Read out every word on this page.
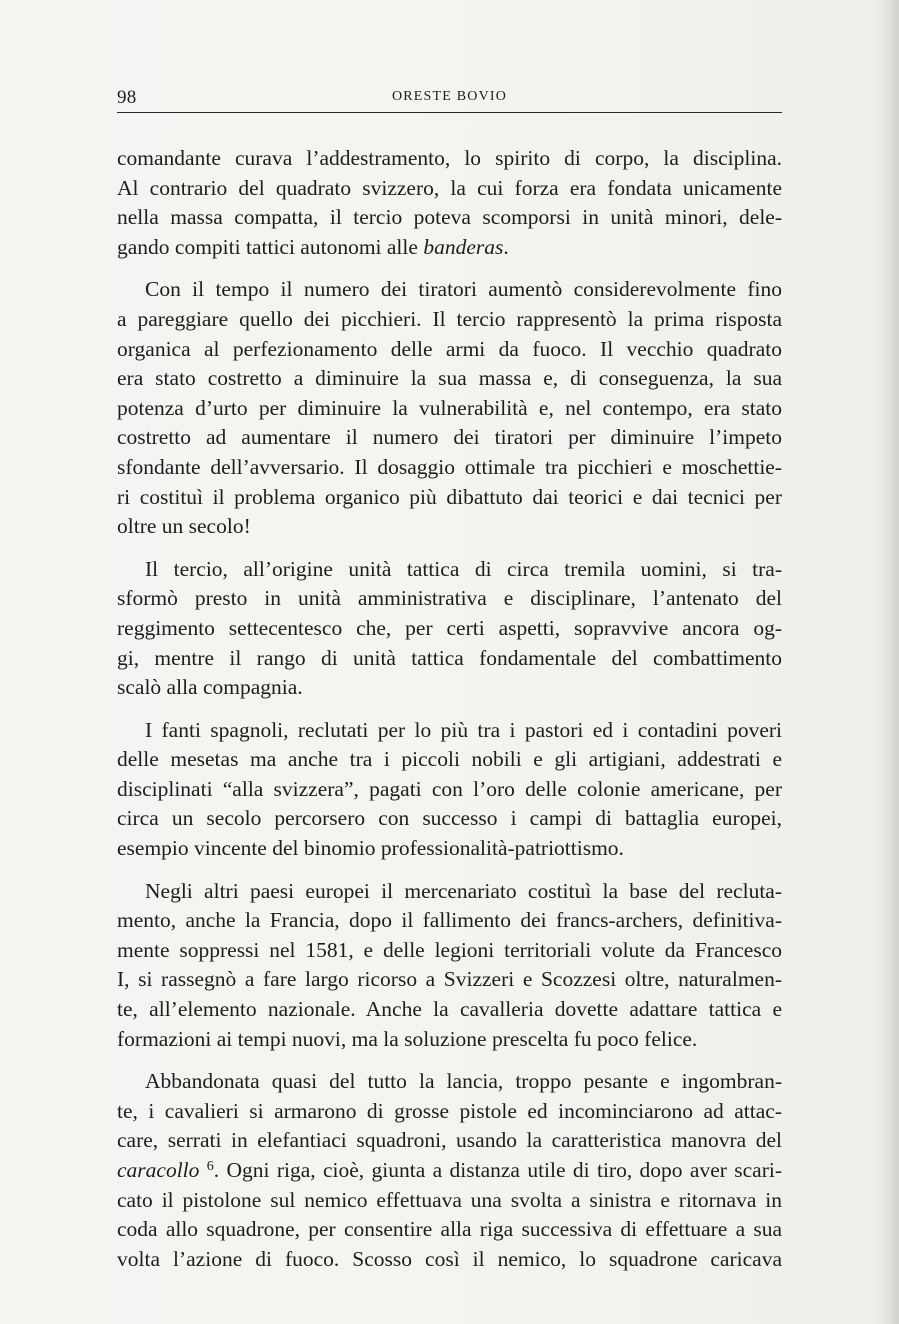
98	ORESTE BOVIO
comandante curava l’addestramento, lo spirito di corpo, la disciplina.
Al contrario del quadrato svizzero, la cui forza era fondata unicamente
nella massa compatta, il tercio poteva scomporsi in unità minori, dele-
gando compiti tattici autonomi alle banderas.
Con il tempo il numero dei tiratori aumentò considerevolmente fino
a pareggiare quello dei picchieri. Il tercio rappresentò la prima risposta
organica al perfezionamento delle armi da fuoco. Il vecchio quadrato
era stato costretto a diminuire la sua massa e, di conseguenza, la sua
potenza d’urto per diminuire la vulnerabilità e, nel contempo, era stato
costretto ad aumentare il numero dei tiratori per diminuire l’impeto
sfondante dell’avversario. Il dosaggio ottimale tra picchieri e moschettie-
ri costituì il problema organico più dibattuto dai teorici e dai tecnici per
oltre un secolo!
Il tercio, all’origine unità tattica di circa tremila uomini, si tra-
sformò presto in unità amministrativa e disciplinare, l’antenato del
reggimento settecentesco che, per certi aspetti, sopravvive ancora og-
gi, mentre il rango di unità tattica fondamentale del combattimento
scalò alla compagnia.
I fanti spagnoli, reclutati per lo più tra i pastori ed i contadini poveri
delle mesetas ma anche tra i piccoli nobili e gli artigiani, addestrati e
disciplinati “alla svizzera”, pagati con l’oro delle colonie americane, per
circa un secolo percorsero con successo i campi di battaglia europei,
esempio vincente del binomio professionalità-patriottismo.
Negli altri paesi europei il mercenariato costituì la base del recluta-
mento, anche la Francia, dopo il fallimento dei francs-archers, definitiva-
mente soppressi nel 1581, e delle legioni territoriali volute da Francesco
I, si rassegnò a fare largo ricorso a Svizzeri e Scozzesi oltre, naturalmen-
te, all’elemento nazionale. Anche la cavalleria dovette adattare tattica e
formazioni ai tempi nuovi, ma la soluzione prescelta fu poco felice.
Abbandonata quasi del tutto la lancia, troppo pesante e ingombran-
te, i cavalieri si armarono di grosse pistole ed incominciarono ad attac-
care, serrati in elefantiaci squadroni, usando la caratteristica manovra del
caracollo $^6$. Ogni riga, cioè, giunta a distanza utile di tiro, dopo aver scari-
cato il pistolone sul nemico effettuava una svolta a sinistra e ritornava in
coda allo squadrone, per consentire alla riga successiva di effettuare a sua
volta l’azione di fuoco. Scosso così il nemico, lo squadrone caricava
